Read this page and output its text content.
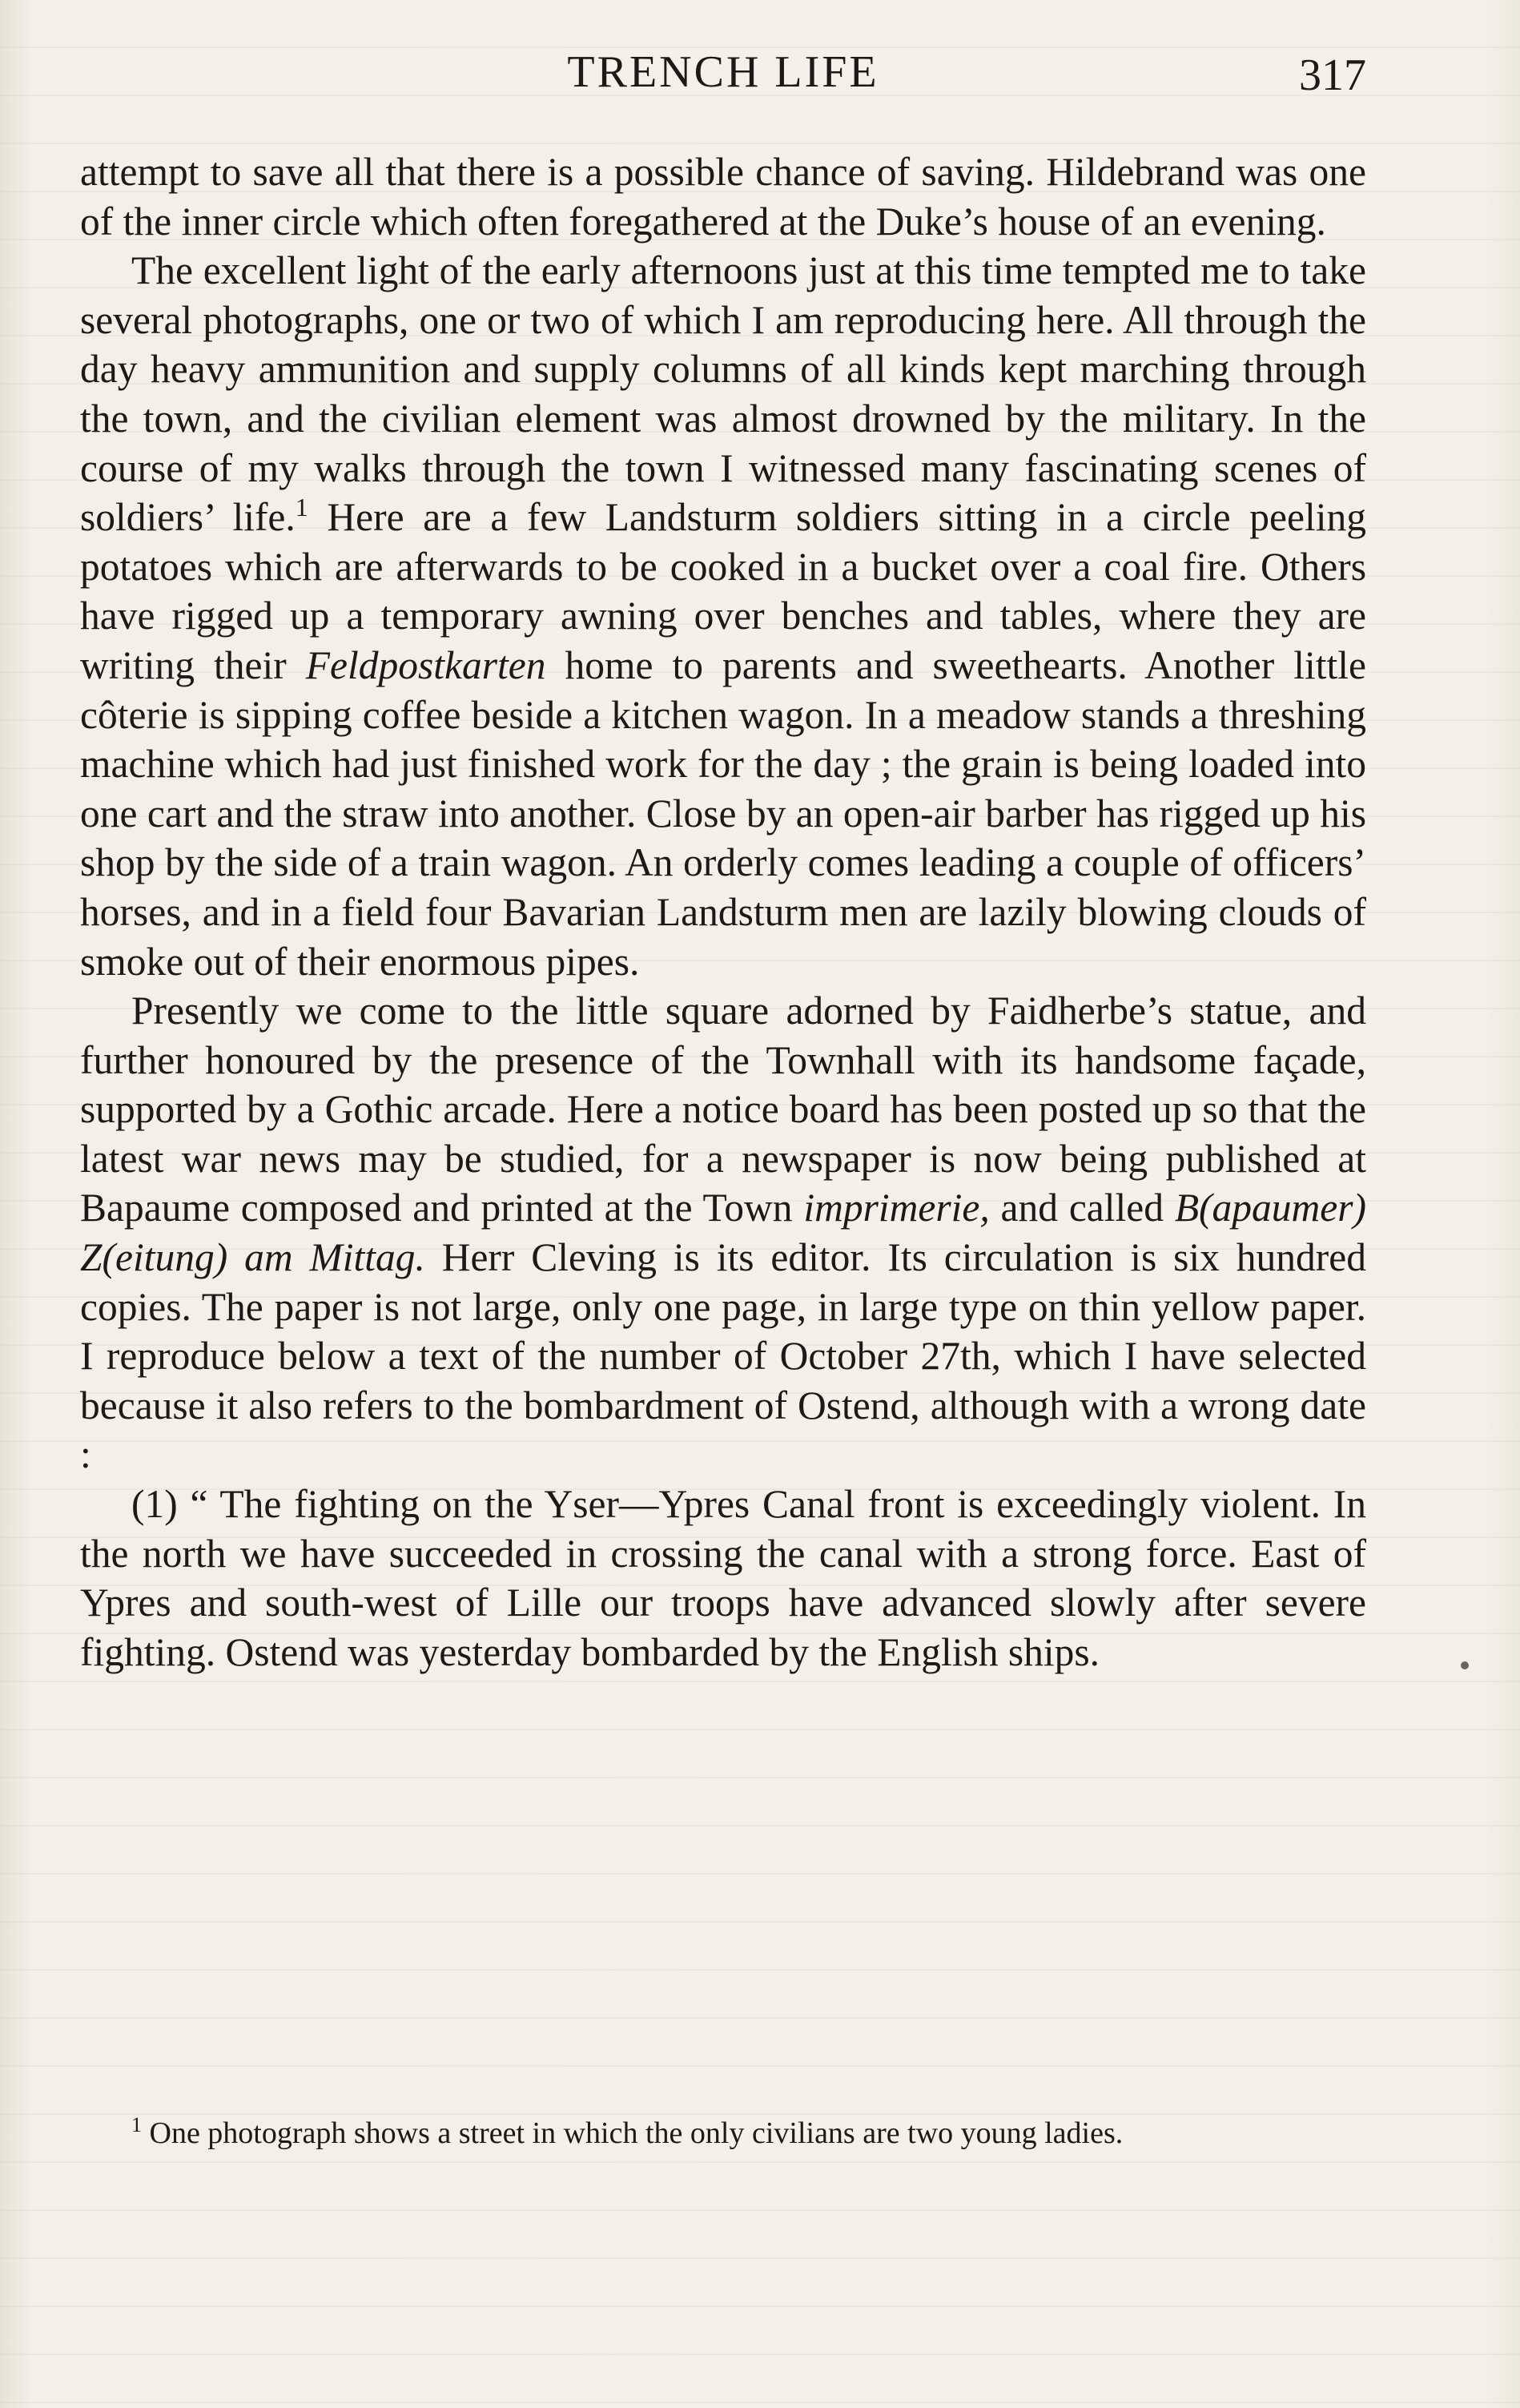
TRENCH LIFE	317

attempt to save all that there is a possible chance of saving. Hildebrand was one of the inner circle which often foregathered at the Duke’s house of an evening.

The excellent light of the early afternoons just at this time tempted me to take several photographs, one or two of which I am reproducing here. All through the day heavy ammunition and supply columns of all kinds kept marching through the town, and the civilian element was almost drowned by the military. In the course of my walks through the town I witnessed many fascinating scenes of soldiers’ life.$^1$ Here are a few Landsturm soldiers sitting in a circle peeling potatoes which are afterwards to be cooked in a bucket over a coal fire. Others have rigged up a temporary awning over benches and tables, where they are writing their Feldpostkarten home to parents and sweethearts. Another little côterie is sipping coffee beside a kitchen wagon. In a meadow stands a threshing machine which had just finished work for the day ; the grain is being loaded into one cart and the straw into another. Close by an open-air barber has rigged up his shop by the side of a train wagon. An orderly comes leading a couple of officers’ horses, and in a field four Bavarian Landsturm men are lazily blowing clouds of smoke out of their enormous pipes.

Presently we come to the little square adorned by Faidherbe’s statue, and further honoured by the presence of the Townhall with its handsome façade, supported by a Gothic arcade. Here a notice board has been posted up so that the latest war news may be studied, for a newspaper is now being published at Bapaume composed and printed at the Town imprimerie, and called B(apaumer) Z(eitung) am Mittag. Herr Cleving is its editor. Its circulation is six hundred copies. The paper is not large, only one page, in large type on thin yellow paper. I reproduce below a text of the number of October 27th, which I have selected because it also refers to the bombardment of Ostend, although with a wrong date :

(1) “ The fighting on the Yser—Ypres Canal front is exceedingly violent. In the north we have succeeded in crossing the canal with a strong force. East of Ypres and south-west of Lille our troops have advanced slowly after severe fighting. Ostend was yesterday bombarded by the English ships.

$^1$ One photograph shows a street in which the only civilians are two young ladies.
